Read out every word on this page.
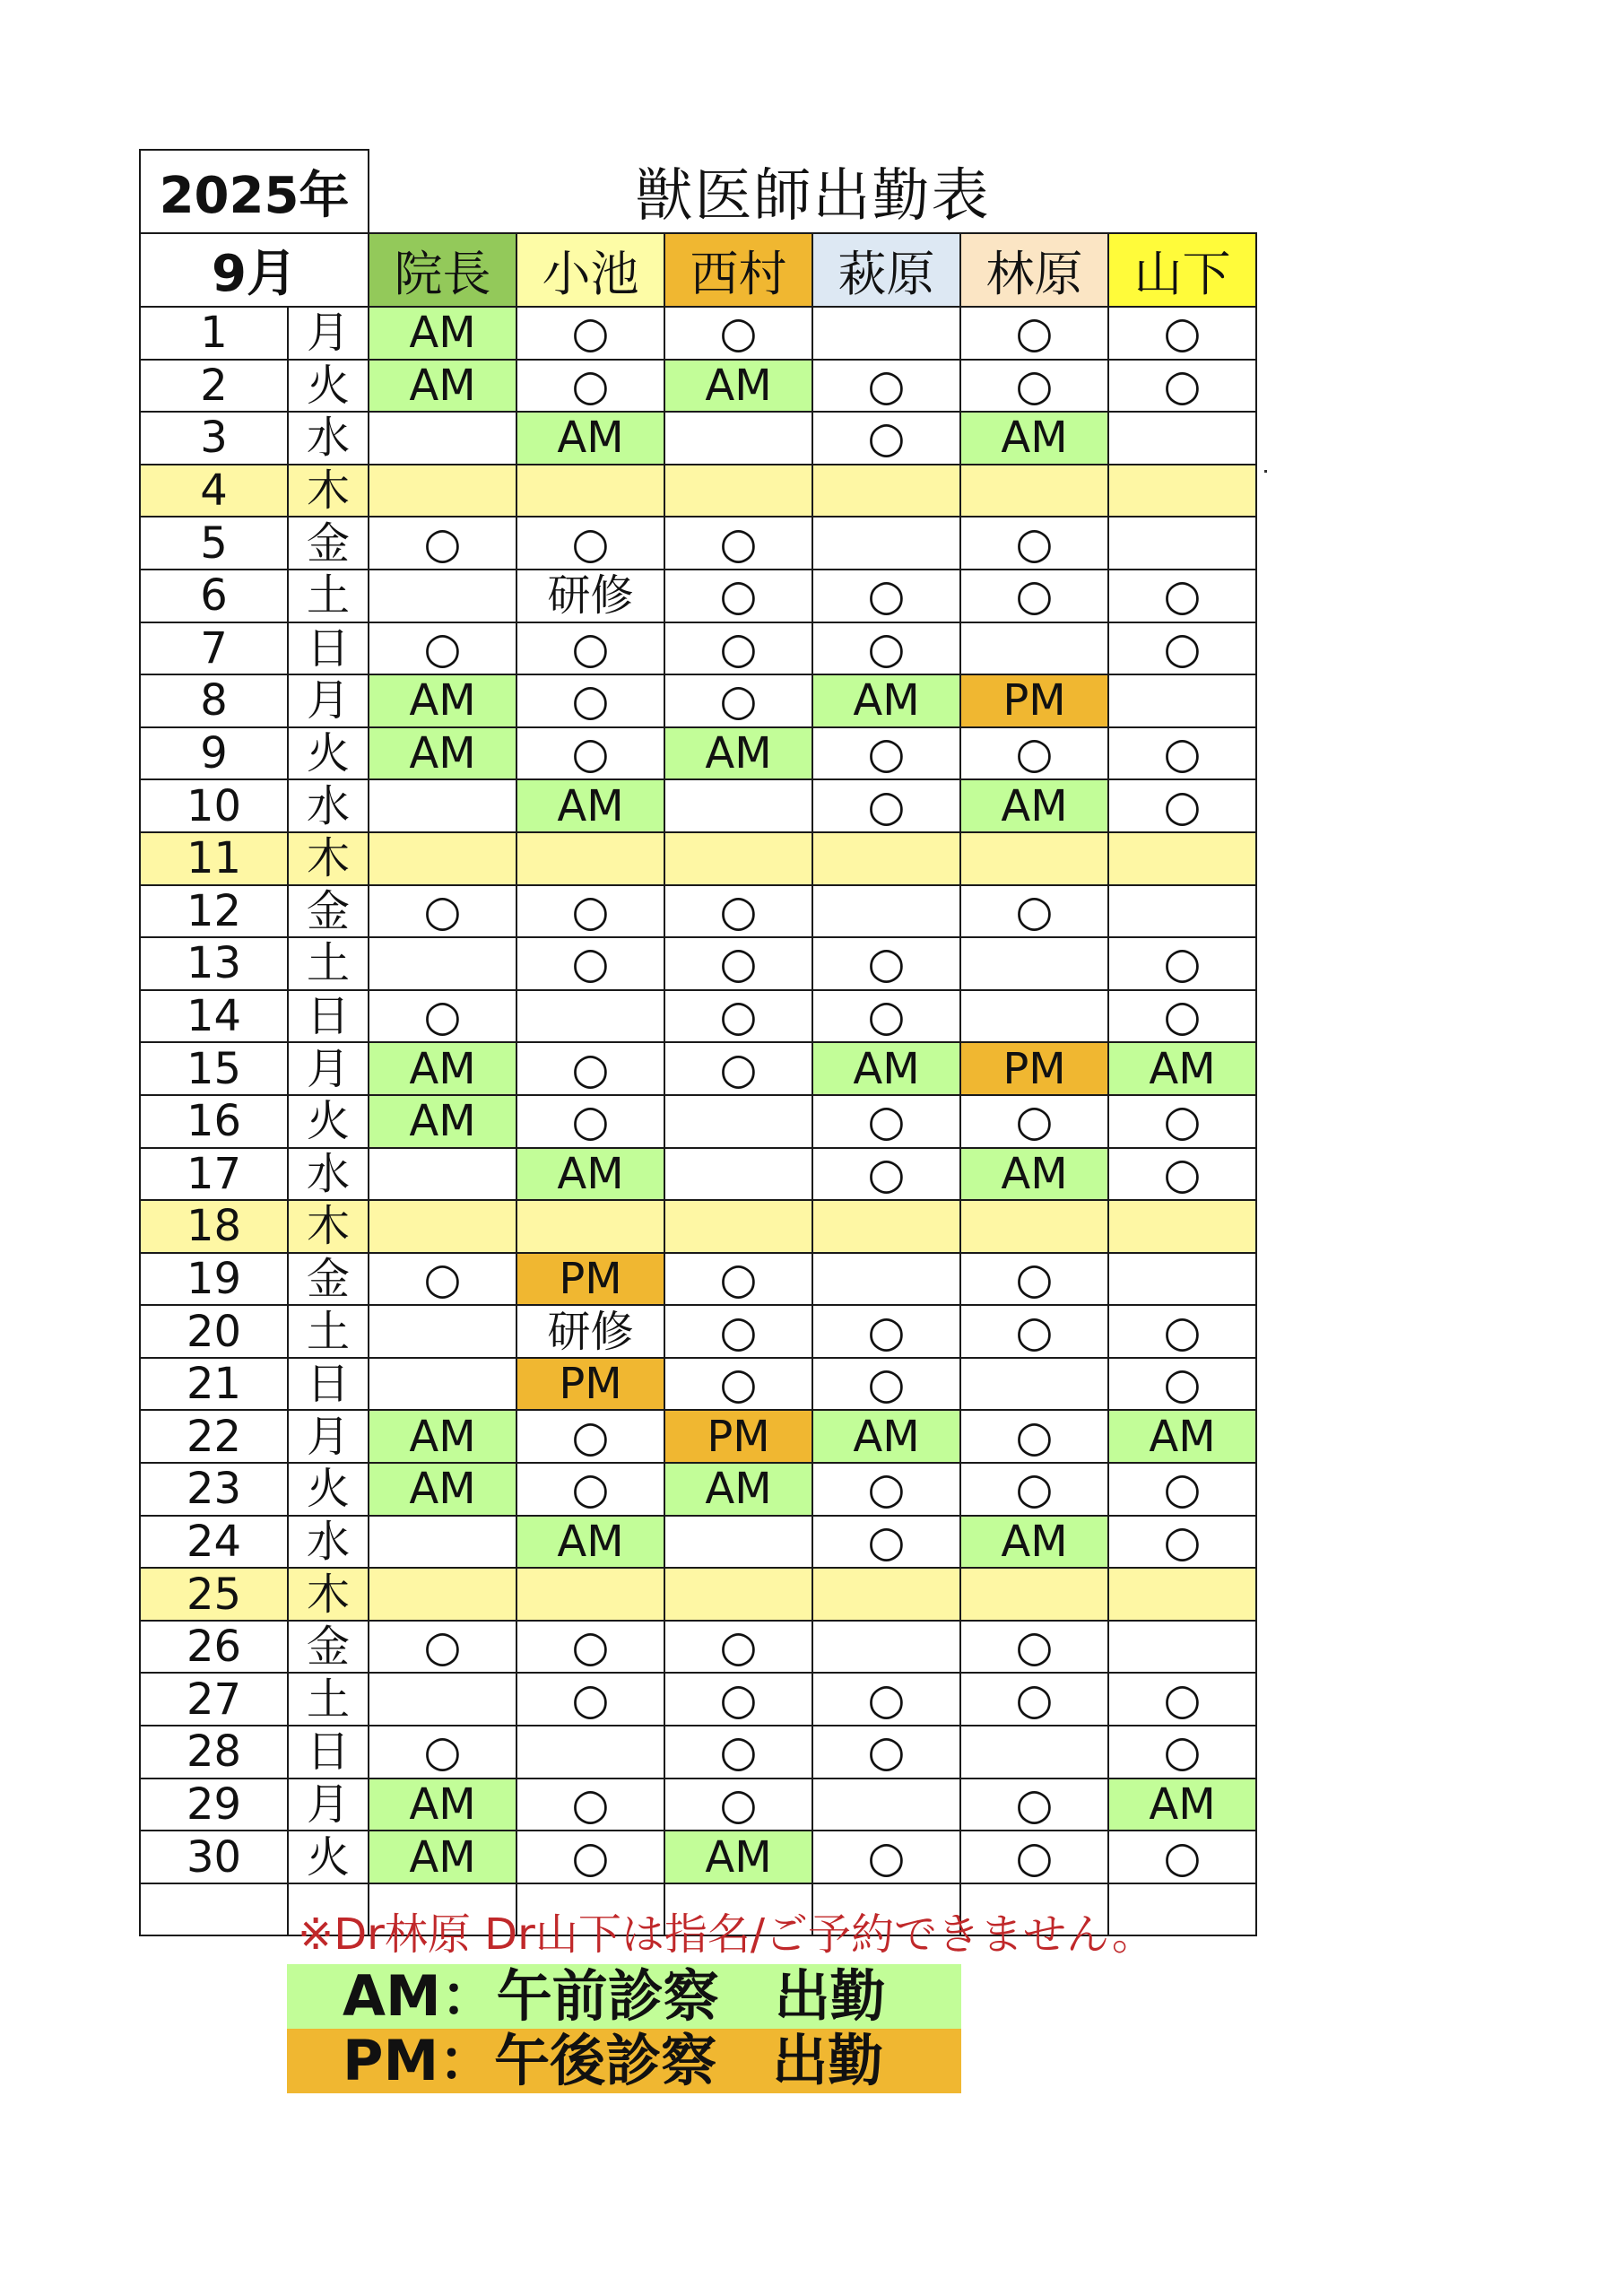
2025年		獣医師出勤表					
9月		院長	小池	西村	萩原	林原	山下
1	月	AM	○	○		○	○
2	火	AM	○	AM	○	○	○
3	水		AM		○	AM	
4	木						
5	金	○	○	○		○	
6	土		研修	○	○	○	○
7	日	○	○	○	○		○
8	月	AM	○	○	AM	PM	
9	火	AM	○	AM	○	○	○
10	水		AM		○	AM	○
11	木						
12	金	○	○	○		○	
13	土		○	○	○		○
14	日	○		○	○		○
15	月	AM	○	○	AM	PM	AM
16	火	AM	○		○	○	○
17	水		AM		○	AM	○
18	木						
19	金	○	PM	○		○	
20	土		研修	○	○	○	○
21	日		PM	○	○		○
22	月	AM	○	PM	AM	○	AM
23	火	AM	○	AM	○	○	○
24	水		AM		○	AM	○
25	木						
26	金	○	○	○		○	
27	土		○	○	○	○	○
28	日	○		○	○		○
29	月	AM	○	○		○	AM
30	火	AM	○	AM	○	○	○

※Dr林原 Dr山下は指名/ご予約できません。
AM：午前診察　出勤
PM：午後診察　出勤
